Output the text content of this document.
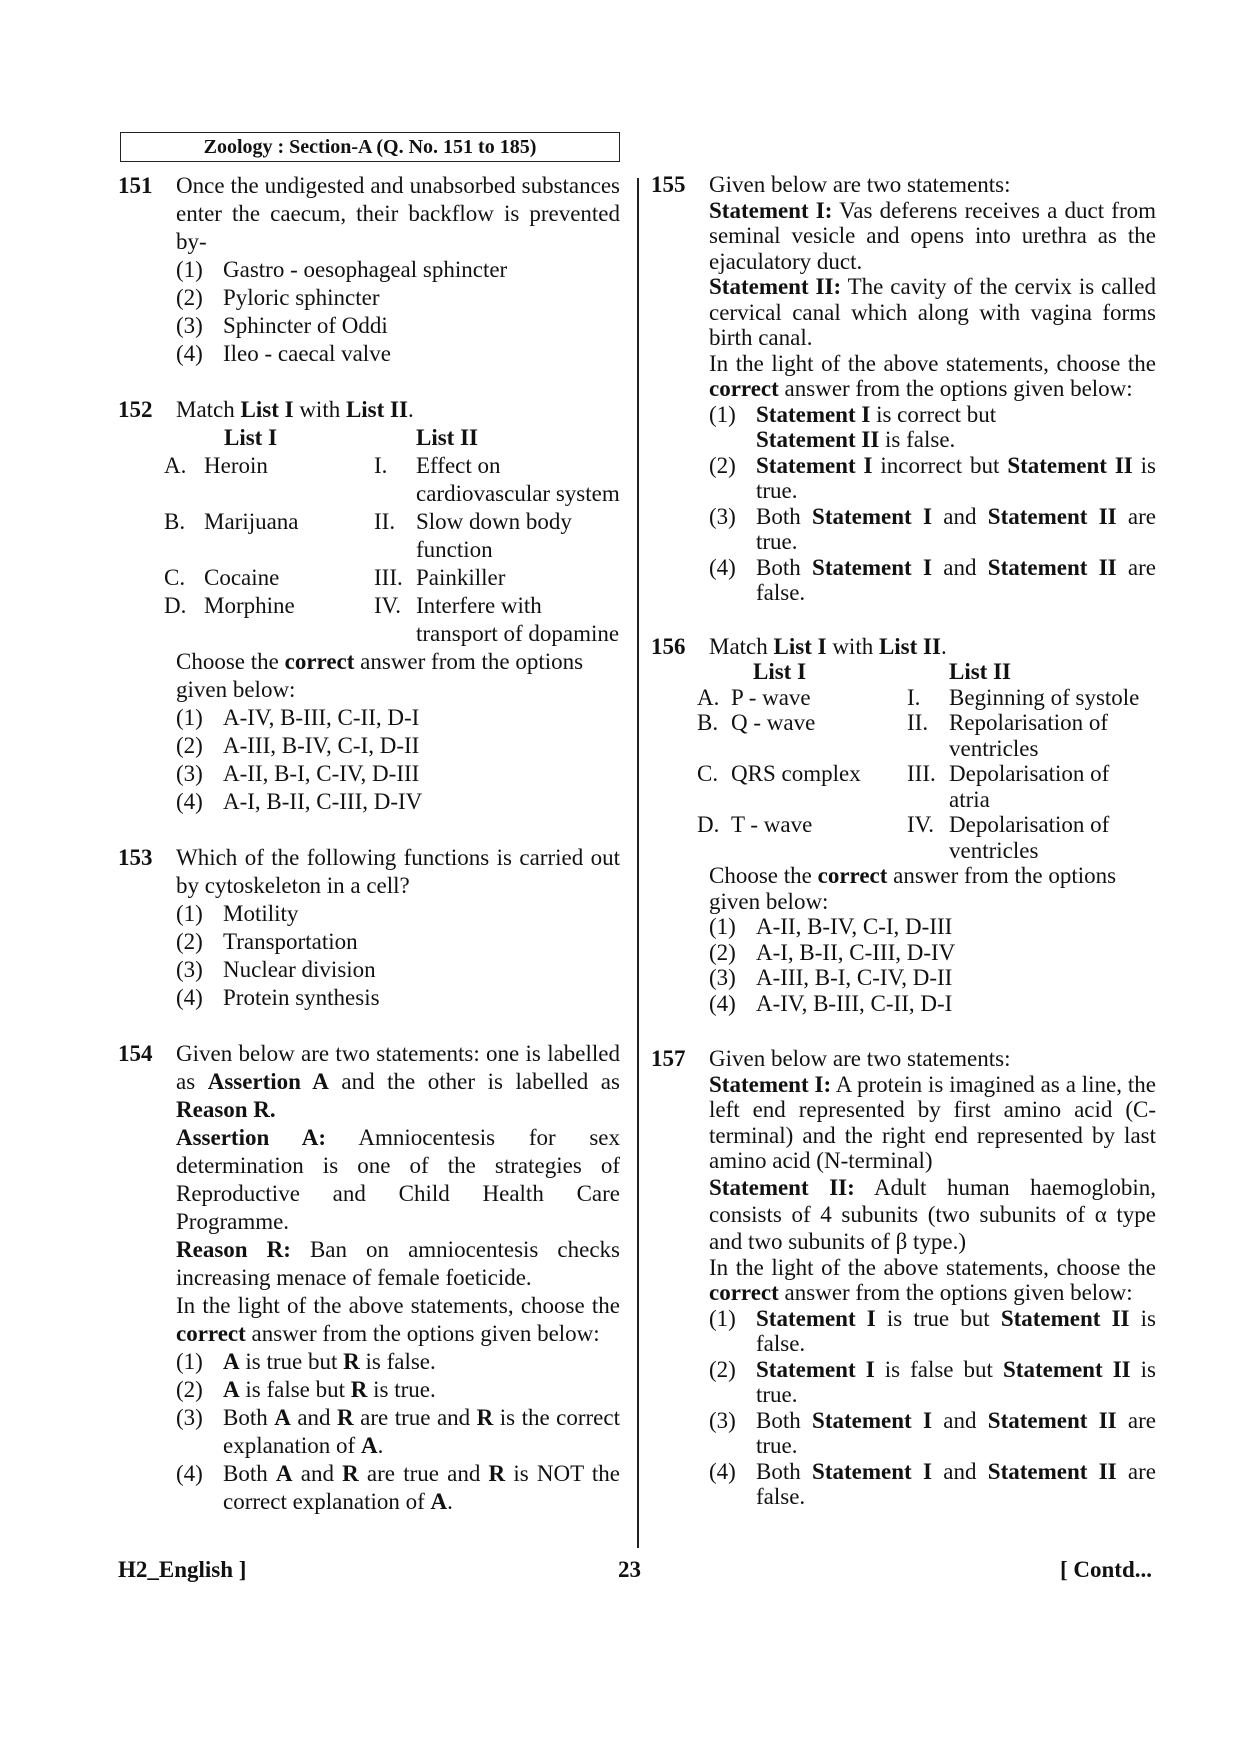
Zoology : Section-A (Q. No. 151 to 185)
151 Once the undigested and unabsorbed substances enter the caecum, their backflow is prevented by-
(1) Gastro - oesophageal sphincter
(2) Pyloric sphincter
(3) Sphincter of Oddi
(4) Ileo - caecal valve
152 Match List I with List II.
	List I		List II
A.	Heroin	I.	Effect on cardiovascular system
B.	Marijuana	II.	Slow down body function
C.	Cocaine	III.	Painkiller
D.	Morphine	IV.	Interfere with transport of dopamine
Choose the correct answer from the options given below:
(1) A-IV, B-III, C-II, D-I
(2) A-III, B-IV, C-I, D-II
(3) A-II, B-I, C-IV, D-III
(4) A-I, B-II, C-III, D-IV
153 Which of the following functions is carried out by cytoskeleton in a cell?
(1) Motility
(2) Transportation
(3) Nuclear division
(4) Protein synthesis
154 Given below are two statements: one is labelled as Assertion A and the other is labelled as Reason R.
Assertion A: Amniocentesis for sex determination is one of the strategies of Reproductive and Child Health Care Programme.
Reason R: Ban on amniocentesis checks increasing menace of female foeticide.
In the light of the above statements, choose the correct answer from the options given below:
(1) A is true but R is false.
(2) A is false but R is true.
(3) Both A and R are true and R is the correct explanation of A.
(4) Both A and R are true and R is NOT the correct explanation of A.
155 Given below are two statements:
Statement I: Vas deferens receives a duct from seminal vesicle and opens into urethra as the ejaculatory duct.
Statement II: The cavity of the cervix is called cervical canal which along with vagina forms birth canal.
In the light of the above statements, choose the correct answer from the options given below:
(1) Statement I is correct but
Statement II is false.
(2) Statement I incorrect but Statement II is true.
(3) Both Statement I and Statement II are true.
(4) Both Statement I and Statement II are false.
156 Match List I with List II.
	List I		List II
A.	P - wave	I.	Beginning of systole
B.	Q - wave	II.	Repolarisation of ventricles
C.	QRS complex	III.	Depolarisation of atria
D.	T - wave	IV.	Depolarisation of ventricles
Choose the correct answer from the options given below:
(1) A-II, B-IV, C-I, D-III
(2) A-I, B-II, C-III, D-IV
(3) A-III, B-I, C-IV, D-II
(4) A-IV, B-III, C-II, D-I
157 Given below are two statements:
Statement I: A protein is imagined as a line, the left end represented by first amino acid (C-terminal) and the right end represented by last amino acid (N-terminal)
Statement II: Adult human haemoglobin, consists of 4 subunits (two subunits of α type and two subunits of β type.)
In the light of the above statements, choose the correct answer from the options given below:
(1) Statement I is true but Statement II is false.
(2) Statement I is false but Statement II is true.
(3) Both Statement I and Statement II are true.
(4) Both Statement I and Statement II are false.
H2_English ]	23	[ Contd...
